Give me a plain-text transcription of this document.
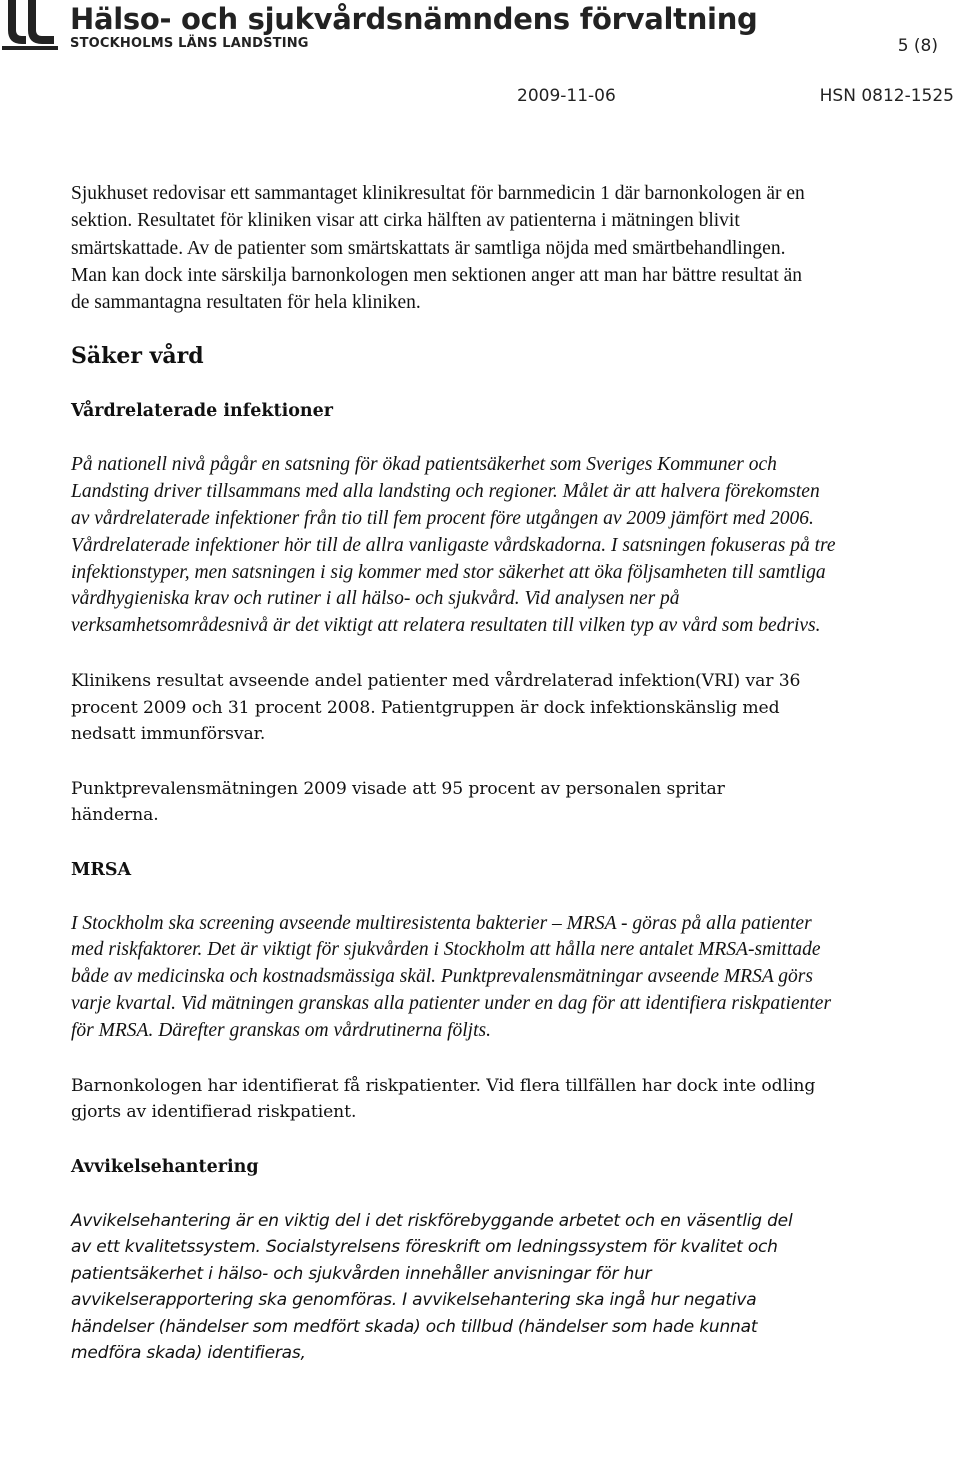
Hälso- och sjukvårdsnämndens förvaltning
STOCKHOLMS LÄNS LANDSTING	5 (8)
2009-11-06	HSN 0812-1525

Sjukhuset redovisar ett sammantaget klinikresultat för barnmedicin 1 där barnonkologen är en sektion. Resultatet för kliniken visar att cirka hälften av patienterna i mätningen blivit smärtskattade. Av de patienter som smärtskattats är samtliga nöjda med smärtbehandlingen. Man kan dock inte särskilja barnonkologen men sektionen anger att man har bättre resultat än de sammantagna resultaten för hela kliniken.

Säker vård
Vårdrelaterade infektioner

På nationell nivå pågår en satsning för ökad patientsäkerhet som Sveriges Kommuner och Landsting driver tillsammans med alla landsting och regioner. Målet är att halvera förekomsten av vårdrelaterade infektioner från tio till fem procent före utgången av 2009 jämfört med 2006. Vårdrelaterade infektioner hör till de allra vanligaste vårdskadorna. I satsningen fokuseras på tre infektionstyper, men satsningen i sig kommer med stor säkerhet att öka följsamheten till samtliga vårdhygieniska krav och rutiner i all hälso- och sjukvård. Vid analysen ner på verksamhetsområdesnivå är det viktigt att relatera resultaten till vilken typ av vård som bedrivs.

Klinikens resultat avseende andel patienter med vårdrelaterad infektion(VRI) var 36 procent 2009 och 31 procent 2008. Patientgruppen är dock infektionskänslig med nedsatt immunförsvar.

Punktprevalensmätningen 2009 visade att 95 procent av personalen spritar händerna.

MRSA

I Stockholm ska screening avseende multiresistenta bakterier – MRSA - göras på alla patienter med riskfaktorer. Det är viktigt för sjukvården i Stockholm att hålla nere antalet MRSA-smittade både av medicinska och kostnadsmässiga skäl. Punktprevalensmätningar avseende MRSA görs varje kvartal. Vid mätningen granskas alla patienter under en dag för att identifiera riskpatienter för MRSA. Därefter granskas om vårdrutinerna följts.

Barnonkologen har identifierat få riskpatienter. Vid flera tillfällen har dock inte odling gjorts av identifierad riskpatient.

Avvikelsehantering

Avvikelsehantering är en viktig del i det riskförebyggande arbetet och en väsentlig del av ett kvalitetssystem. Socialstyrelsens föreskrift om ledningssystem för kvalitet och patientsäkerhet i hälso- och sjukvården innehåller anvisningar för hur avvikelserapportering ska genomföras. I avvikelsehantering ska ingå hur negativa händelser (händelser som medfört skada) och tillbud (händelser som hade kunnat medföra skada) identifieras,
